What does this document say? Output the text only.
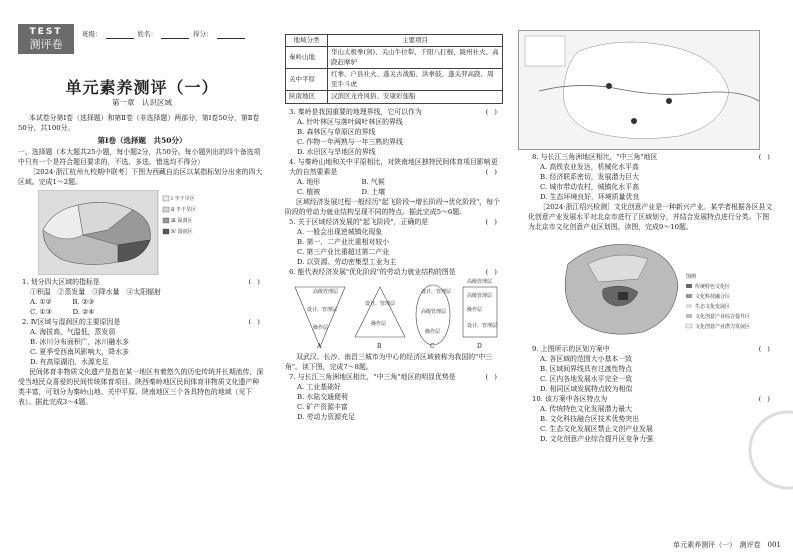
TEST
测评卷
班级：	姓名：	得分：
单元素养测评（一）
第一章　认识区域

本试卷分第Ⅰ卷（选择题）和第Ⅱ卷（非选择题）两部分，第Ⅰ卷50分，第Ⅱ卷50分，共100分。

第Ⅰ卷（选择题　共50分）

一、选择题（本大题共25小题，每小题2分，共50分。每小题列出的四个备选项中只有一个是符合题目要求的，不选、多选、错选均不得分）

［2024·浙江杭州九校期中联考］下图为西藏自治区以某指标划分出来的四大区域。完成1～2题。

Ⅰ 半干旱区
Ⅱ 半干旱区
Ⅲ 湿润区
Ⅳ 湿润区

1. 划分四大区域的指标是	()

①积温　②蒸发量　③降水量　④太阳辐射

A. ①②　　　	B. ②③
C. ①③　　　	D. ②④

2. Ⅳ区域与湿润区的主要原因是	()

A. 海拔高，气温低，蒸发弱

B. 冰川分布面积广，冰川融水多

C. 夏季受西南风影响大，降水多

D. 有高原湖泊，水源充足

民间体育非物质文化遗产是指在某一地区有着悠久的历史传统并长期流传，深受当地民众喜爱的民间传统体育项目。陕西秦岭地区民间体育非物质文化遗产种类丰富，可划分为秦岭山地、关中平原、陕南地区三个各具特色的地域（见下表）。据此完成3～4题。

地域分类	主要项目
秦岭山地	华山太极拳(剑)、关山牛拉犁、千阳八打棍、陇州社火、高跷赶摩驴
关中平原	红拳、户县社火、蓬关古战船、洪拳鼓、蓬关羿高跷、周至牛斗虎
陕南地区	汉滨区龙舟风俗、安康彩莲船

3. 秦岭是我国重要的地理界线，它可以作为	()

A. 针叶林区与落叶阔叶林区的界线

B. 森林区与草原区的界线

C. 作物一年两熟与一年三熟的界线

D. 水田区与旱地区的界线

4. 与秦岭山地和关中平原相比，对陕南地区独特民间体育项目影响更大的自然要素是	()

A. 地形　　　　　　	B. 气候
C. 植被　　　　　　	D. 土壤

区域经济发展过程一般经历"起飞阶段→增长阶段→优化阶段"，每个阶段的劳动力就业结构呈现不同的特点。据此完成5～6题。

5. 关于区域经济发展的"起飞阶段"，正确的是	()

A. 一般会出现逆城镇化现象

B. 第一、二产业比重相对较小

C. 第三产业比重超过第二产业

D. 以资源、劳动密集型工业为主

6. 能代表经济发展"优化阶段"的劳动力就业结构的图是	()

高级管理层
设计、管理层
操作层
设计、管理层
操作层
设计、管理层
高级管理层
操作层
高级管理层
操作层
设计、管理层
高级管理层
A	B	C	D

双武汉、长沙、南昌三城市为中心的经济区域被称为我国的"中三角"。读下图，完成7～8题。

7. 与长江三角洲地区相比，"中三角"地区的明显优势是	()

A. 工业基础好

B. 水陆交通便利

C. 矿产资源丰富

D. 劳动力资源充足

8. 与长江三角洲地区相比，"中三角"地区	()

A. 高铁农业发达，机械化水平高

B. 经济联系密切，发展潜力巨大

C. 城市带动农村，城镇化水平高

D. 生态环境良好，环境质量优良

［2024·浙江绍兴检测］文化创意产业是一种新兴产业。某学者根据各区县文化创意产业发展水平对北京市进行了区域划分，并结合发展特点进行分类。下图为北京市文化创意产业区划图。读图，完成9～10题。

图例
传统特色文化区
文化科技融合区
生态文化发展区
文化创意产业综合提升区
文化创意产业潜力发展区

9. 上图所示的区划方案中	()

A. 各区域的范围大小基本一致

B. 区域间界线具有过渡性特点

C. 区内各地发展水平完全一致

D. 相同区域发展特点较为相似

10. 该方案中各区特点为	()

A. 传统特色文化发展潜力最大

B. 文化科技融合区技术优势突出

C. 生态文化发展区禁止文创产业发展

D. 文化创意产业综合提升区竞争力强

单元素养测评（一）　测评卷　001
